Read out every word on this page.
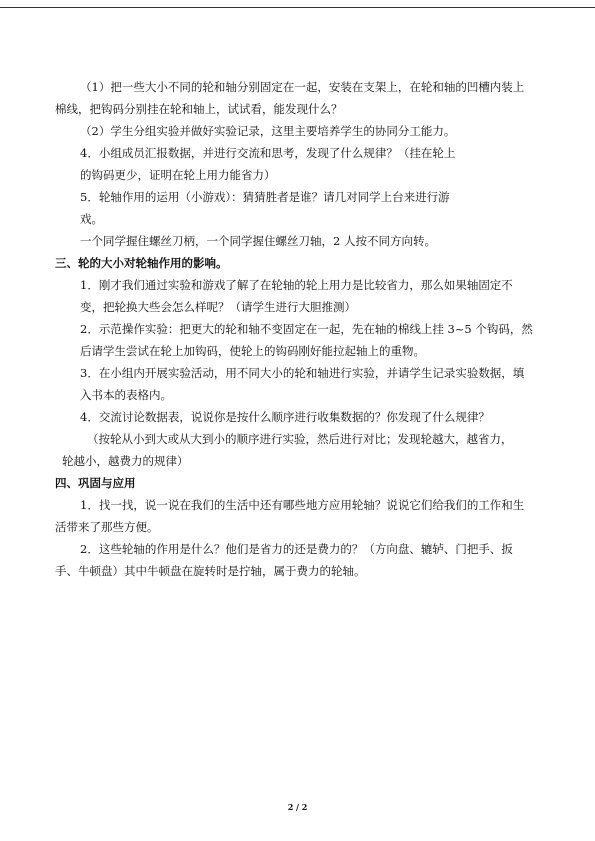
（1）把一些大小不同的轮和轴分别固定在一起，安装在支架上，在轮和轴的凹槽内装上
棉线，把钩码分别挂在轮和轴上，试试看，能发现什么？
（2）学生分组实验并做好实验记录，这里主要培养学生的协同分工能力。
4．小组成员汇报数据，并进行交流和思考，发现了什么规律？（挂在轮上
的钩码更少，证明在轮上用力能省力）
5．轮轴作用的运用（小游戏）：猜猜胜者是谁？请几对同学上台来进行游
戏。
一个同学握住螺丝刀柄，一个同学握住螺丝刀轴，2 人按不同方向转。
三、轮的大小对轮轴作用的影响。
1．刚才我们通过实验和游戏了解了在轮轴的轮上用力是比较省力，那么如果轴固定不
变，把轮换大些会怎么样呢？（请学生进行大胆推测）
2．示范操作实验：把更大的轮和轴不变固定在一起，先在轴的棉线上挂 3~5 个钩码，然
后请学生尝试在轮上加钩码，使轮上的钩码刚好能拉起轴上的重物。
3．在小组内开展实验活动，用不同大小的轮和轴进行实验，并请学生记录实验数据，填
入书本的表格内。
4．交流讨论数据表，说说你是按什么顺序进行收集数据的？你发现了什么规律？
（按轮从小到大或从大到小的顺序进行实验，然后进行对比；发现轮越大，越省力，
轮越小，越费力的规律）
四、巩固与应用
1．找一找，说一说在我们的生活中还有哪些地方应用轮轴？说说它们给我们的工作和生
活带来了那些方便。
2．这些轮轴的作用是什么？他们是省力的还是费力的？（方向盘、辘轳、门把手、扳
手、牛顿盘）其中牛顿盘在旋转时是拧轴，属于费力的轮轴。
2 / 2
